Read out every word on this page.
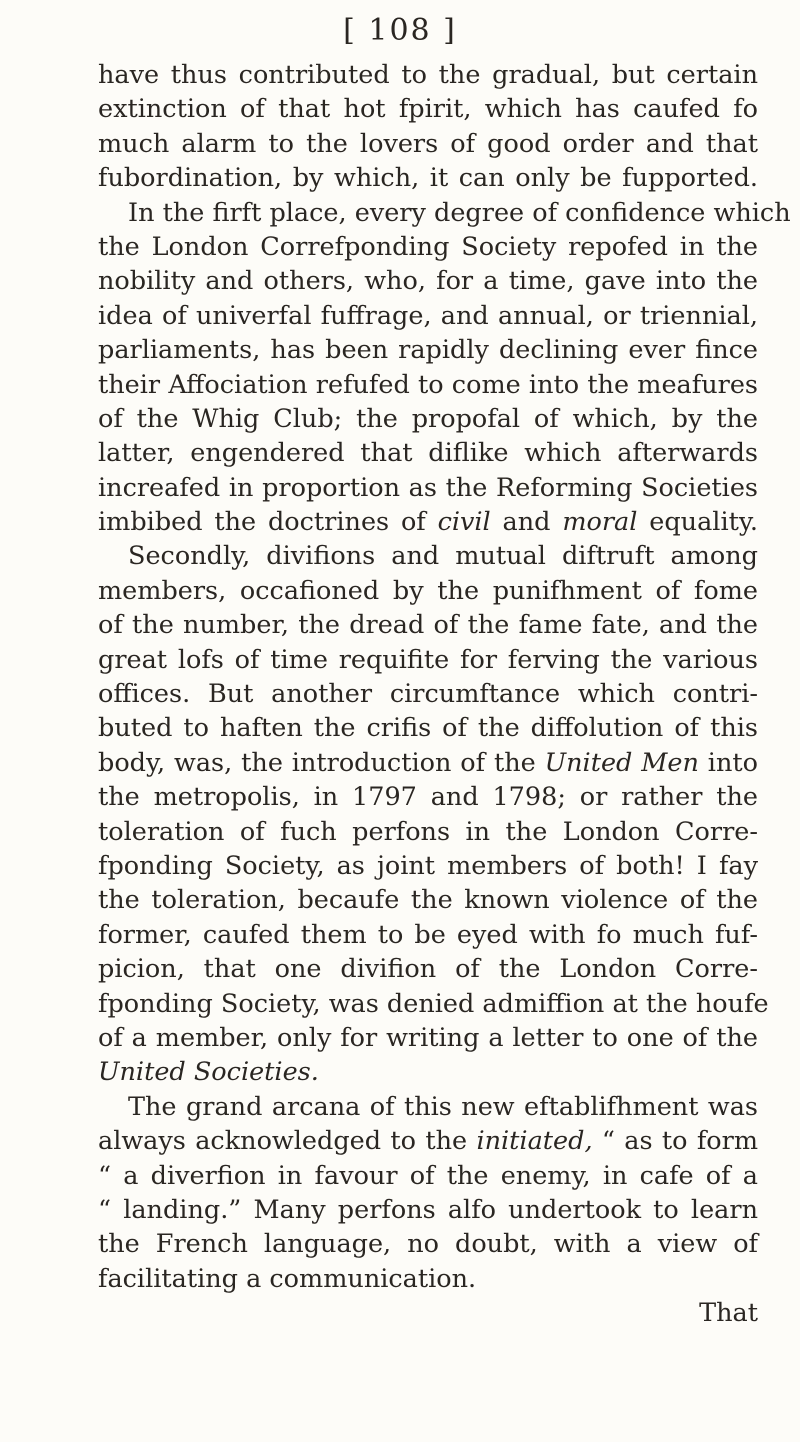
[ 108 ]
have thus contributed to the gradual, but certain
extinction of that hot fpirit, which has caufed fo
much alarm to the lovers of good order and that
fubordination, by which, it can only be fupported.
In the firft place, every degree of confidence which
the London Correfponding Society repofed in the
nobility and others, who, for a time, gave into the
idea of univerfal fuffrage, and annual, or triennial,
parliaments, has been rapidly declining ever fince
their Affociation refufed to come into the meafures
of the Whig Club; the propofal of which, by the
latter, engendered that diflike which afterwards
increafed in proportion as the Reforming Societies
imbibed the doctrines of civil and moral equality.
Secondly, divifions and mutual diftruft among
members, occafioned by the punifhment of fome
of the number, the dread of the fame fate, and the
great lofs of time requifite for ferving the various
offices. But another circumftance which contri-
buted to haften the crifis of the diffolution of this
body, was, the introduction of the United Men into
the metropolis, in 1797 and 1798; or rather the
toleration of fuch perfons in the London Corre-
fponding Society, as joint members of both! I fay
the toleration, becaufe the known violence of the
former, caufed them to be eyed with fo much fuf-
picion, that one divifion of the London Corre-
fponding Society, was denied admiffion at the houfe
of a member, only for writing a letter to one of the
United Societies.
The grand arcana of this new eftablifhment was
always acknowledged to the initiated, “ as to form
“ a diverfion in favour of the enemy, in cafe of a
“ landing.” Many perfons alfo undertook to learn
the French language, no doubt, with a view of
facilitating a communication.
That
